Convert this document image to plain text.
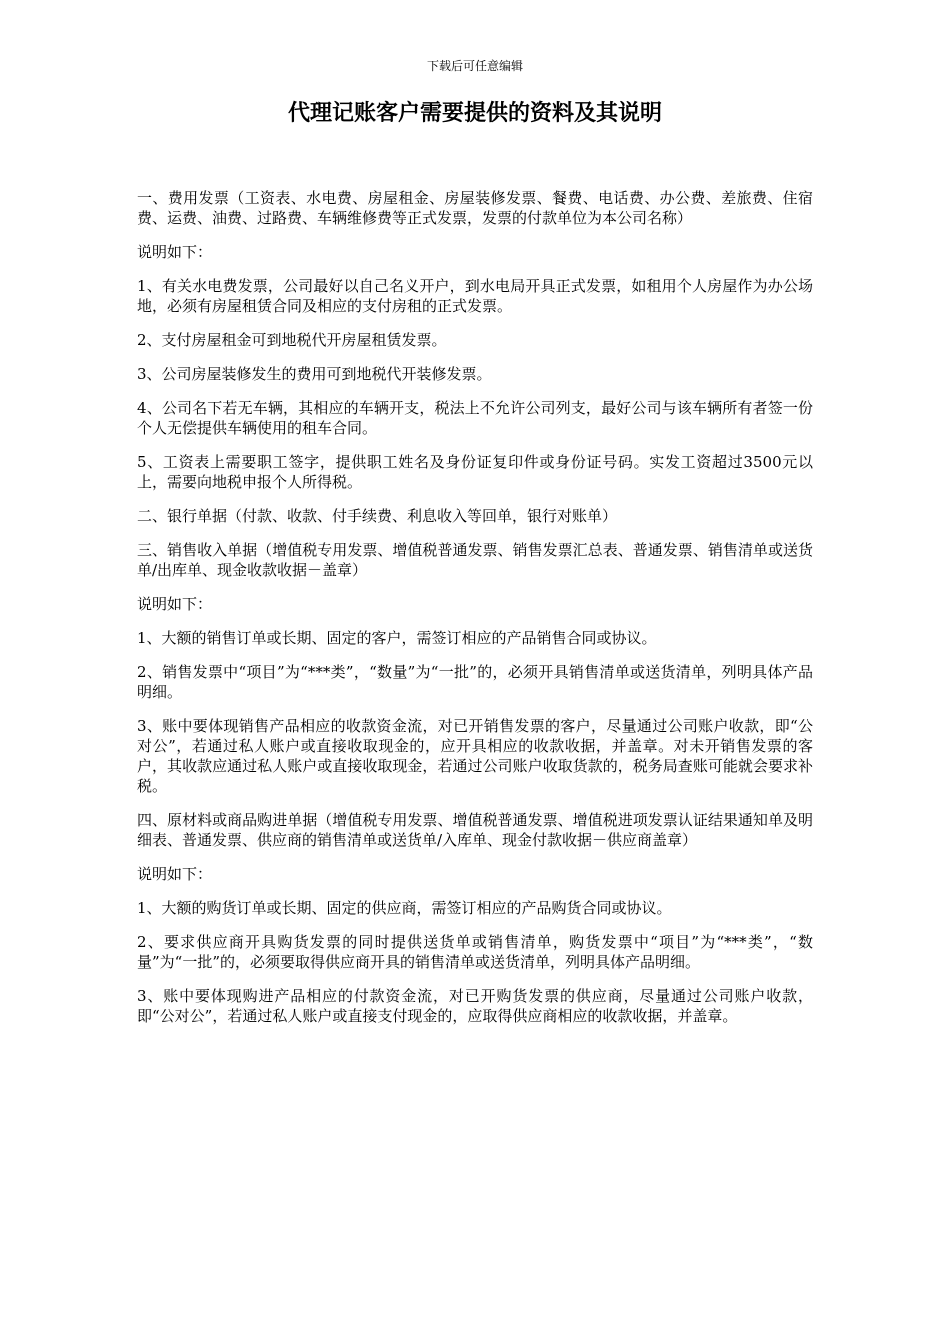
下载后可任意编辑
代理记账客户需要提供的资料及其说明

一、费用发票（工资表、水电费、房屋租金、房屋装修发票、餐费、电话费、办公费、差旅费、住宿费、运费、油费、过路费、车辆维修费等正式发票，发票的付款单位为本公司名称）

说明如下：

1、有关水电费发票，公司最好以自己名义开户，到水电局开具正式发票，如租用个人房屋作为办公场地，必须有房屋租赁合同及相应的支付房租的正式发票。

2、支付房屋租金可到地税代开房屋租赁发票。

3、公司房屋装修发生的费用可到地税代开装修发票。

4、公司名下若无车辆，其相应的车辆开支，税法上不允许公司列支，最好公司与该车辆所有者签一份个人无偿提供车辆使用的租车合同。

5、工资表上需要职工签字，提供职工姓名及身份证复印件或身份证号码。实发工资超过3500元以上，需要向地税申报个人所得税。

二、银行单据（付款、收款、付手续费、利息收入等回单，银行对账单）

三、销售收入单据（增值税专用发票、增值税普通发票、销售发票汇总表、普通发票、销售清单或送货单/出库单、现金收款收据－盖章）

说明如下：

1、大额的销售订单或长期、固定的客户，需签订相应的产品销售合同或协议。

2、销售发票中“项目”为“***类”，“数量”为“一批”的，必须开具销售清单或送货清单，列明具体产品明细。

3、账中要体现销售产品相应的收款资金流，对已开销售发票的客户，尽量通过公司账户收款，即“公对公”，若通过私人账户或直接收取现金的，应开具相应的收款收据，并盖章。对未开销售发票的客户，其收款应通过私人账户或直接收取现金，若通过公司账户收取货款的，税务局查账可能就会要求补税。

四、原材料或商品购进单据（增值税专用发票、增值税普通发票、增值税进项发票认证结果通知单及明细表、普通发票、供应商的销售清单或送货单/入库单、现金付款收据－供应商盖章）

说明如下：

1、大额的购货订单或长期、固定的供应商，需签订相应的产品购货合同或协议。

2、要求供应商开具购货发票的同时提供送货单或销售清单，购货发票中“项目”为“***类”，“数量”为“一批”的，必须要取得供应商开具的销售清单或送货清单，列明具体产品明细。

3、账中要体现购进产品相应的付款资金流，对已开购货发票的供应商，尽量通过公司账户收款，即“公对公”，若通过私人账户或直接支付现金的，应取得供应商相应的收款收据，并盖章。
